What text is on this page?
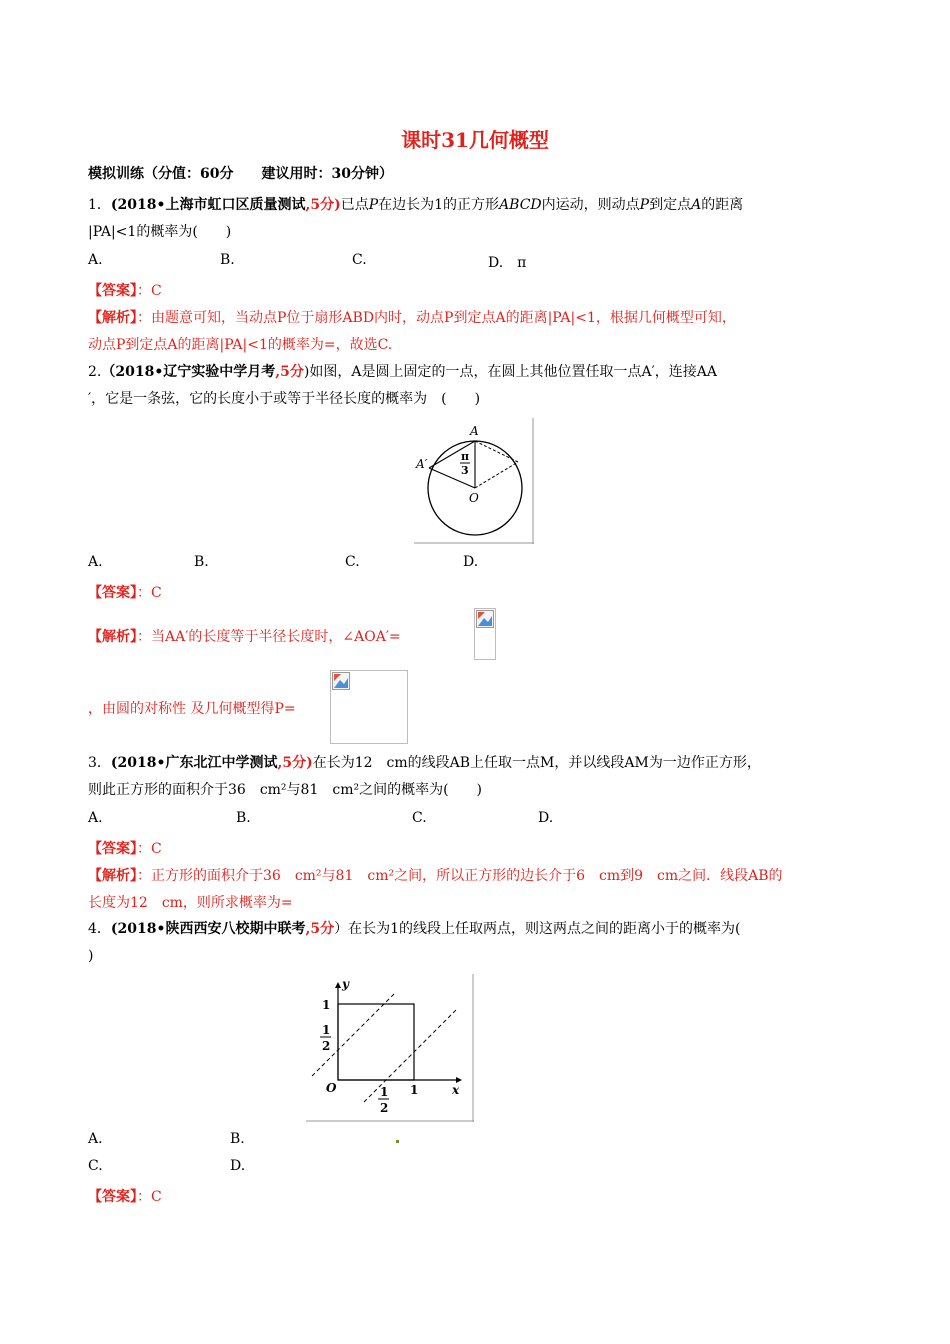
课时31几何概型
模拟训练（分值：60分　　建议用时：30分钟）
1．(2018•上海市虹口区质量测试,5分)已点P在边长为1的正方形ABCD内运动，则动点P到定点A的距离
|PA|<1的概率为(　　)
A.	B.	C.	D.　π
【答案】：C
【解析】：由题意可知，当动点P位于扇形ABD内时，动点P到定点A的距离|PA|<1，根据几何概型可知，
动点P到定点A的距离|PA|<1的概率为=，故选C.
2.（2018•辽宁实验中学月考,5分)如图，A是圆上固定的一点，在圆上其他位置任取一点A′，连接AA
′，它是一条弦，它的长度小于或等于半径长度的概率为　(　　)
A
A′
O
π
3
A.	B.	C.	D.
【答案】：C
【解析】：当AA′的长度等于半径长度时，∠AOA′=
，由圆的对称性 及几何概型得P=
3．(2018•广东北江中学测试,5分)在长为12　cm的线段AB上任取一点M，并以线段AM为一边作正方形，
则此正方形的面积介于36　cm²与81　cm²之间的概率为(　　)
A.	B.	C.	D.
【答案】：C
【解析】：正方形的面积介于36　cm²与81　cm²之间，所以正方形的边长介于6　cm到9　cm之间．线段AB的
长度为12　cm，则所求概率为=
4．(2018•陕西西安八校期中联考,5分）在长为1的线段上任取两点，则这两点之间的距离小于的概率为(
)
y
x
1
1
2
O	1
1
2
A.	B.
C.	D.
【答案】：C
